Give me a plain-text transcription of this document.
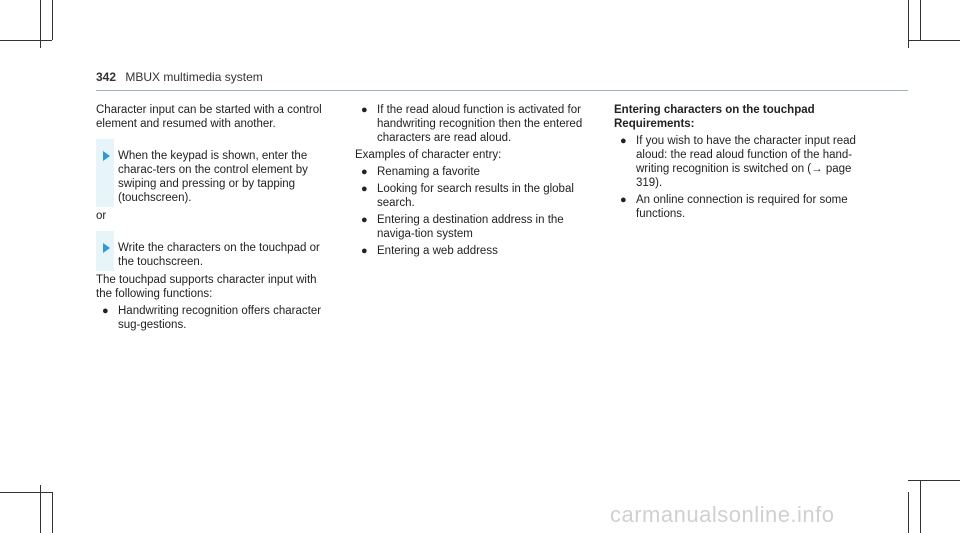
342 MBUX multimedia system

Character input can be started with a control element and resumed with another.

When the keypad is shown, enter the charac-ters on the control element by swiping and pressing or by tapping (touchscreen).

or

Write the characters on the touchpad or the touchscreen.

The touchpad supports character input with the following functions:

● Handwriting recognition offers character sug-gestions.
● If the read aloud function is activated for handwriting recognition then the entered characters are read aloud.

Examples of character entry:

● Renaming a favorite
● Looking for search results in the global search.
● Entering a destination address in the naviga-tion system
● Entering a web address

Entering characters on the touchpad

Requirements:

● If you wish to have the character input read aloud: the read aloud function of the hand-writing recognition is switched on (→ page 319).
● An online connection is required for some functions.
carmanualsonline.info
